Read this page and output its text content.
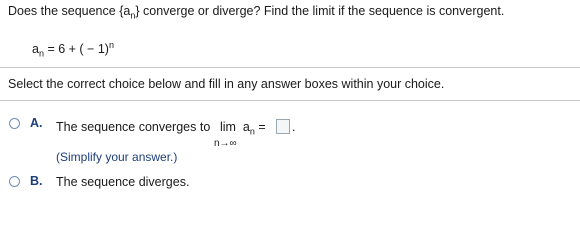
Does the sequence $\{a_n\}$ converge or diverge? Find the limit if the sequence is convergent.
$a_n = 6$ + ( − 1)$^n$
Select the correct choice below and fill in any answer boxes within your choice.
A. The sequence converges to $\lim a_n$ =
n→∞
.
(Simplify your answer.)
B. The sequence diverges.
